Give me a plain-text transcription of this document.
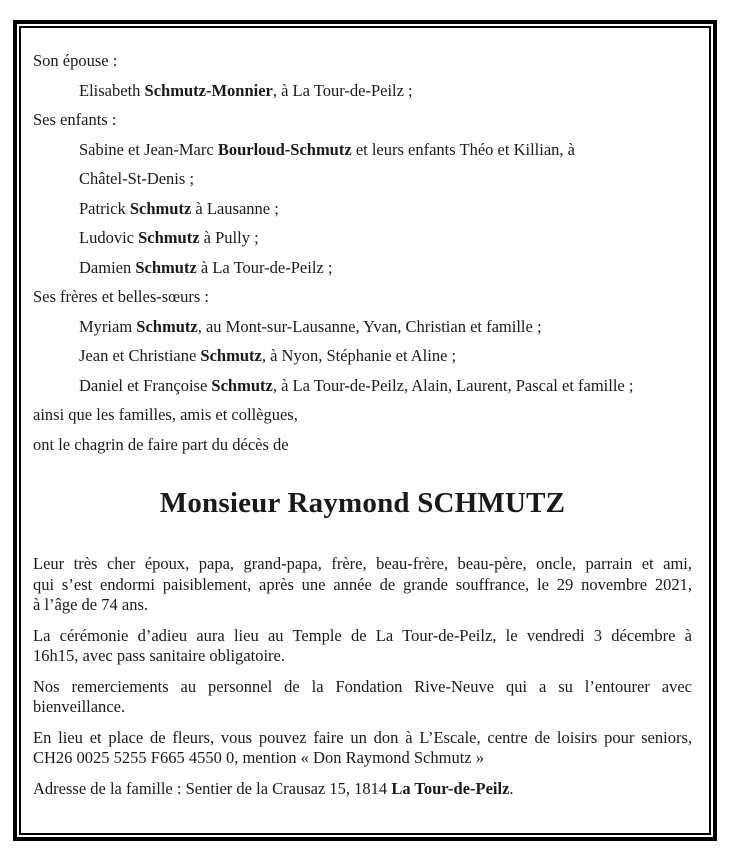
Son épouse :
Elisabeth Schmutz-Monnier, à La Tour-de-Peilz ;
Ses enfants :
Sabine et Jean-Marc Bourloud-Schmutz et leurs enfants Théo et Killian, à
Châtel-St-Denis ;
Patrick Schmutz à Lausanne ;
Ludovic Schmutz à Pully ;
Damien Schmutz à La Tour-de-Peilz ;
Ses frères et belles-sœurs :
Myriam Schmutz, au Mont-sur-Lausanne, Yvan, Christian et famille ;
Jean et Christiane Schmutz, à Nyon, Stéphanie et Aline ;
Daniel et Françoise Schmutz, à La Tour-de-Peilz, Alain, Laurent, Pascal et famille ;
ainsi que les familles, amis et collègues,
ont le chagrin de faire part du décès de
Monsieur Raymond SCHMUTZ
Leur très cher époux, papa, grand-papa, frère, beau-frère, beau-père, oncle, parrain et ami,
qui s’est endormi paisiblement, après une année de grande souffrance, le 29 novembre 2021,
à l’âge de 74 ans.
La cérémonie d’adieu aura lieu au Temple de La Tour-de-Peilz, le vendredi 3 décembre à
16h15, avec pass sanitaire obligatoire.
Nos remerciements au personnel de la Fondation Rive-Neuve qui a su l’entourer avec
bienveillance.
En lieu et place de fleurs, vous pouvez faire un don à L’Escale, centre de loisirs pour seniors,
CH26 0025 5255 F665 4550 0, mention « Don Raymond Schmutz »
Adresse de la famille : Sentier de la Crausaz 15, 1814 La Tour-de-Peilz.
